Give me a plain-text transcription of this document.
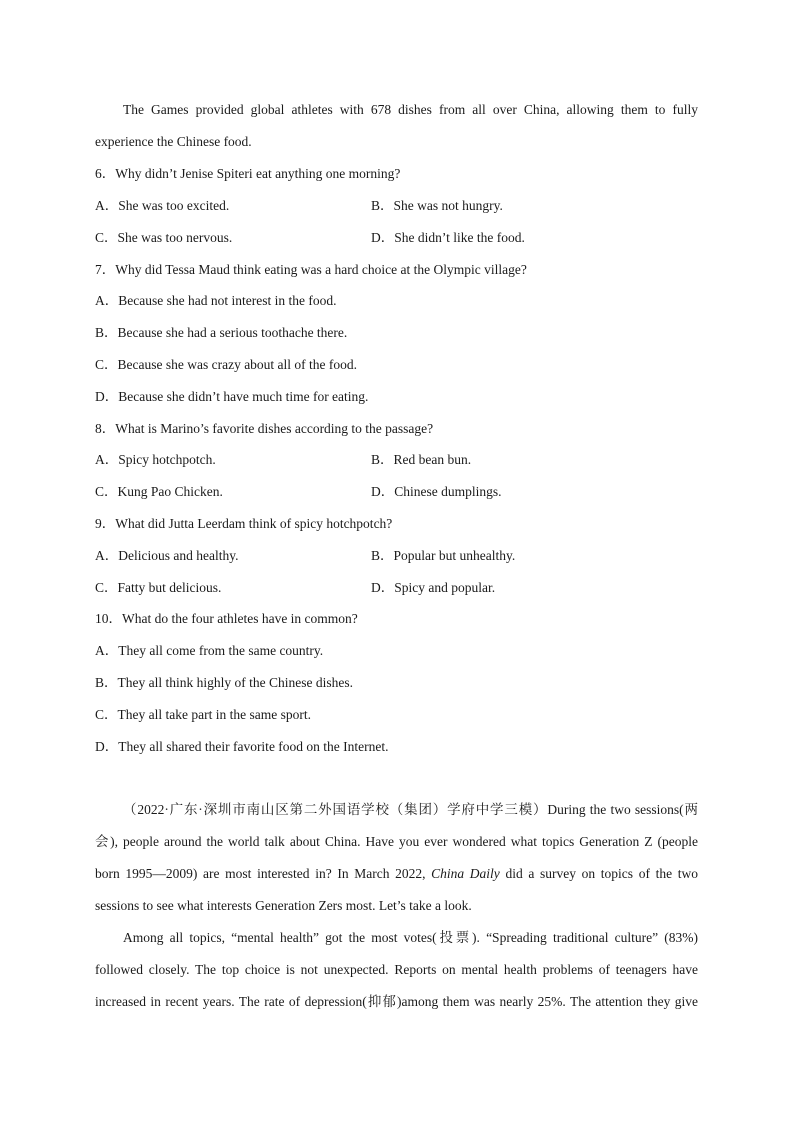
The Games provided global athletes with 678 dishes from all over China, allowing them to fully
experience the Chinese food.
6．Why didn’t Jenise Spiteri eat anything one morning?
A．She was too excited.	B．She was not hungry.
C．She was too nervous.	D．She didn’t like the food.
7．Why did Tessa Maud think eating was a hard choice at the Olympic village?
A．Because she had not interest in the food.
B．Because she had a serious toothache there.
C．Because she was crazy about all of the food.
D．Because she didn’t have much time for eating.
8．What is Marino’s favorite dishes according to the passage?
A．Spicy hotchpotch.	B．Red bean bun.
C．Kung Pao Chicken.	D．Chinese dumplings.
9．What did Jutta Leerdam think of spicy hotchpotch?
A．Delicious and healthy.	B．Popular but unhealthy.
C．Fatty but delicious.	D．Spicy and popular.
10．What do the four athletes have in common?
A．They all come from the same country.
B．They all think highly of the Chinese dishes.
C．They all take part in the same sport.
D．They all shared their favorite food on the Internet.
（2022·广东·深圳市南山区第二外国语学校（集团）学府中学三模）During the two sessions(两
会), people around the world talk about China. Have you ever wondered what topics Generation Z (people
born 1995—2009) are most interested in? In March 2022, China Daily did a survey on topics of the two
sessions to see what interests Generation Zers most. Let’s take a look.
Among all topics, “mental health” got the most votes(投票). “Spreading traditional culture” (83%)
followed closely. The top choice is not unexpected. Reports on mental health problems of teenagers have
increased in recent years. The rate of depression(抑郁)among them was nearly 25%. The attention they give
